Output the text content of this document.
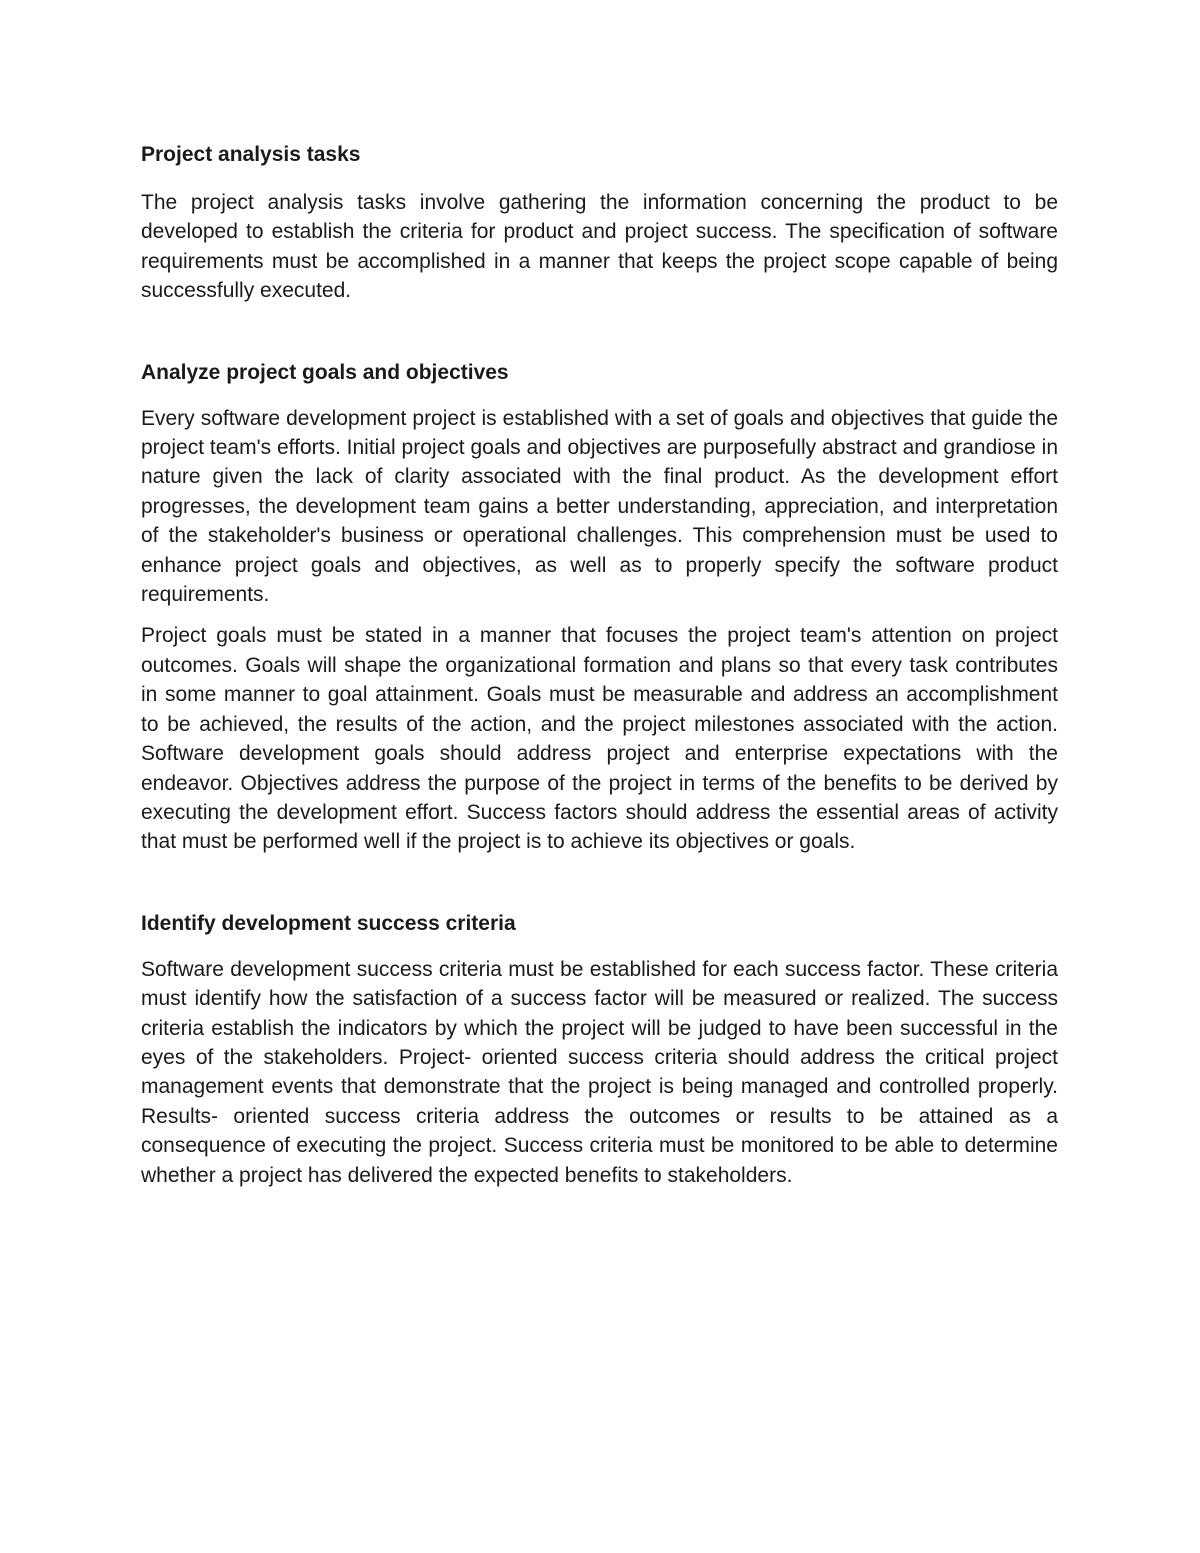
Project analysis tasks

The project analysis tasks involve gathering the information concerning the product to be developed to establish the criteria for product and project success. The specification of software requirements must be accomplished in a manner that keeps the project scope capable of being successfully executed.

Analyze project goals and objectives

Every software development project is established with a set of goals and objectives that guide the project team's efforts. Initial project goals and objectives are purposefully abstract and grandiose in nature given the lack of clarity associated with the final product. As the development effort progresses, the development team gains a better understanding, appreciation, and interpretation of the stakeholder's business or operational challenges. This comprehension must be used to enhance project goals and objectives, as well as to properly specify the software product requirements.

Project goals must be stated in a manner that focuses the project team's attention on project outcomes. Goals will shape the organizational formation and plans so that every task contributes in some manner to goal attainment. Goals must be measurable and address an accomplishment to be achieved, the results of the action, and the project milestones associated with the action. Software development goals should address project and enterprise expectations with the endeavor. Objectives address the purpose of the project in terms of the benefits to be derived by executing the development effort. Success factors should address the essential areas of activity that must be performed well if the project is to achieve its objectives or goals.

Identify development success criteria

Software development success criteria must be established for each success factor. These criteria must identify how the satisfaction of a success factor will be measured or realized. The success criteria establish the indicators by which the project will be judged to have been successful in the eyes of the stakeholders. Project- oriented success criteria should address the critical project management events that demonstrate that the project is being managed and controlled properly. Results- oriented success criteria address the outcomes or results to be attained as a consequence of executing the project. Success criteria must be monitored to be able to determine whether a project has delivered the expected benefits to stakeholders.
